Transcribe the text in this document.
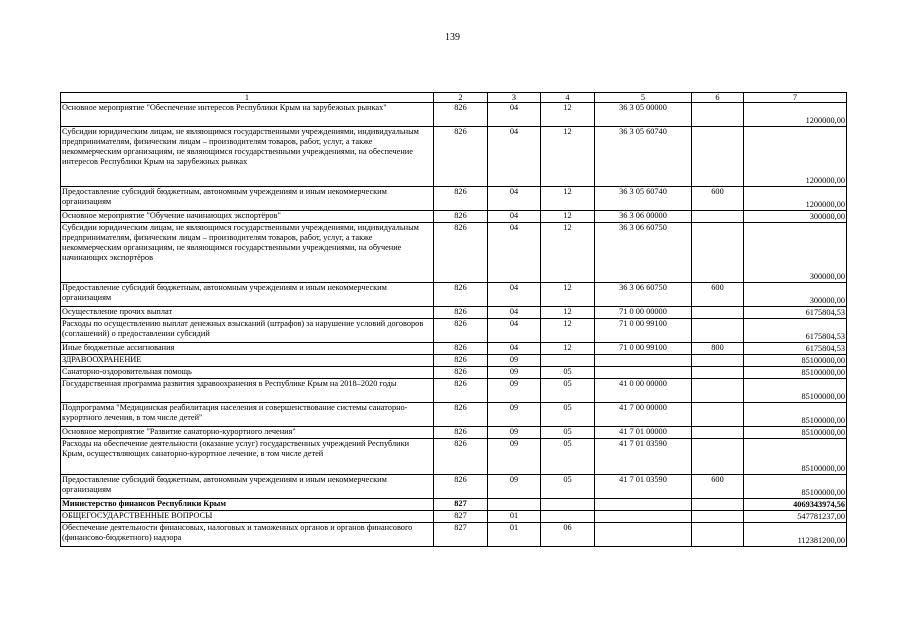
139
1	2	3	4	5	6	7
Основное мероприятие "Обеспечение интересов Республики Крым на зарубежных рынках"	826	04	12	36 3 05 00000		1200000,00
Субсидии юридическим лицам, не являющимся государственными учреждениями, индивидуальным предпринимателям, физическим лицам – производителям товаров, работ, услуг, а также некоммерческим организациям, не являющимся государственными учреждениями, на обеспечение интересов Республики Крым на зарубежных рынках	826	04	12	36 3 05 60740		1200000,00
Предоставление субсидий бюджетным, автономным учреждениям и иным некоммерческим организациям	826	04	12	36 3 05 60740	600	1200000,00
Основное мероприятие "Обучение начинающих экспортёров"	826	04	12	36 3 06 00000		300000,00
Субсидии юридическим лицам, не являющимся государственными учреждениями, индивидуальным предпринимателям, физическим лицам – производителям товаров, работ, услуг, а также некоммерческим организациям, не являющимся государственными учреждениями, на обучение начинающих экспортёров	826	04	12	36 3 06 60750		300000,00
Предоставление субсидий бюджетным, автономным учреждениям и иным некоммерческим организациям	826	04	12	36 3 06 60750	600	300000,00
Осуществление прочих выплат	826	04	12	71 0 00 00000		6175804,53
Расходы по осуществлению выплат денежных взысканий (штрафов) за нарушение условий договоров (соглашений) о предоставлении субсидий	826	04	12	71 0 00 99100		6175804,53
Иные бюджетные ассигнования	826	04	12	71 0 00 99100	800	6175804,53
ЗДРАВООХРАНЕНИЕ	826	09				85100000,00
Санаторно-оздоровительная помощь	826	09	05			85100000,00
Государственная программа развития здравоохранения в Республике Крым на 2018–2020 годы	826	09	05	41 0 00 00000		85100000,00
Подпрограмма "Медицинская реабилитация населения и совершенствование системы санаторно-курортного лечения, в том числе детей"	826	09	05	41 7 00 00000		85100000,00
Основное мероприятие "Развитие санаторно-курортного лечения"	826	09	05	41 7 01 00000		85100000,00
Расходы на обеспечение деятельности (оказание услуг) государственных учреждений Республики Крым, осуществляющих санаторно-курортное лечение, в том числе детей	826	09	05	41 7 01 03590		85100000,00
Предоставление субсидий бюджетным, автономным учреждениям и иным некоммерческим организациям	826	09	05	41 7 01 03590	600	85100000,00
Министерство финансов Республики Крым	827					4069343974,56
ОБЩЕГОСУДАРСТВЕННЫЕ ВОПРОСЫ	827	01				547781237,00
Обеспечение деятельности финансовых, налоговых и таможенных органов и органов финансового (финансово-бюджетного) надзора	827	01	06			112381200,00
